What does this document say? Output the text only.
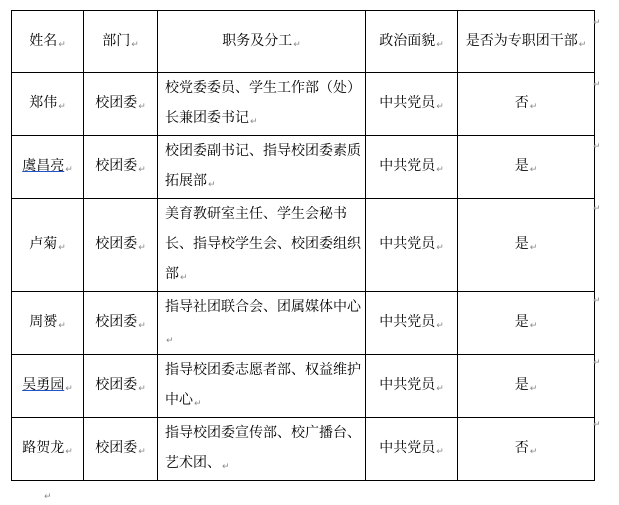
姓名↵	部门↵	职务及分工↵	政治面貌↵	是否为专职团干部↵
郑伟↵	校团委↵	校党委委员、学生工作部（处）长兼团委书记↵	中共党员↵	否↵
虞昌亮↵	校团委↵	校团委副书记、指导校团委素质拓展部↵	中共党员↵	是↵
卢菊↵	校团委↵	美育教研室主任、学生会秘书长、指导校学生会、校团委组织部↵	中共党员↵	是↵
周赟↵	校团委↵	指导社团联合会、团属媒体中心↵	中共党员↵	是↵
吴勇园↵	校团委↵	指导校团委志愿者部、权益维护中心↵	中共党员↵	是↵
路贺龙↵	校团委↵	指导校团委宣传部、校广播台、艺术团、↵	中共党员↵	否↵
↵
↵
↵
↵
↵
↵
↵
↵
